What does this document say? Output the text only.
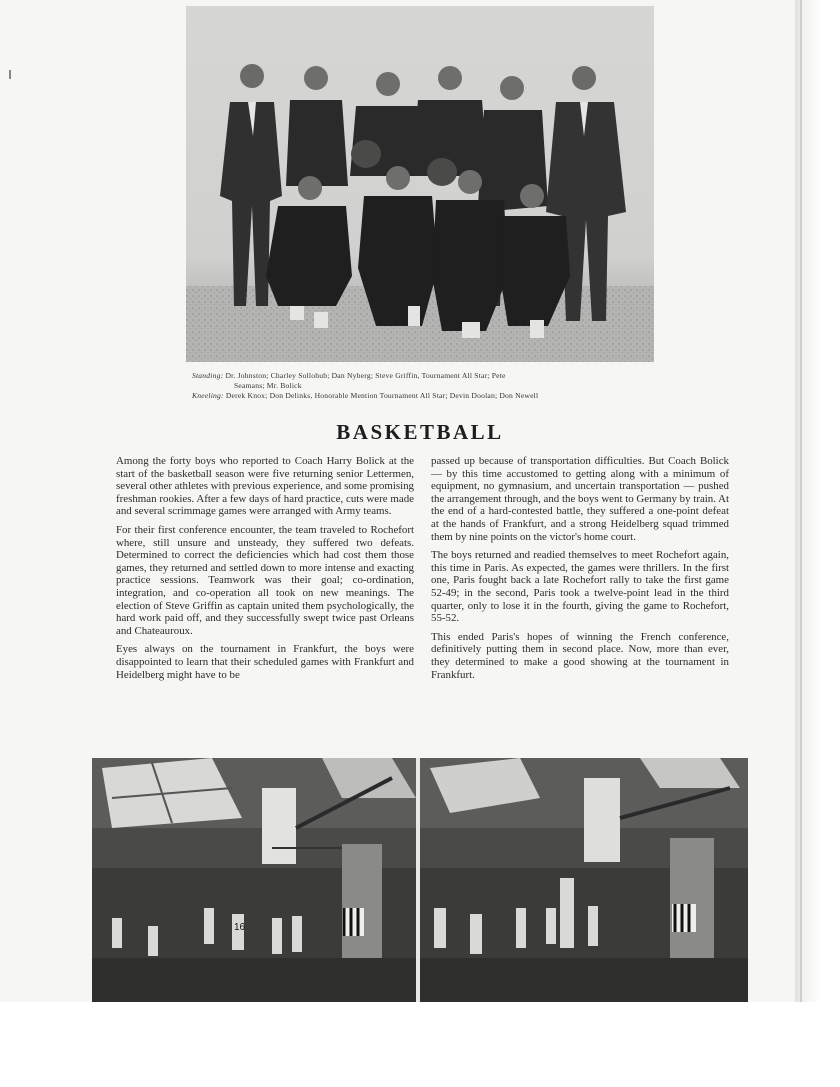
Standing: Dr. Johnston; Charley Sollohub; Dan Nyberg; Steve Griffin, Tournament All Star; Pete
Seamans; Mr. Bolick
Kneeling: Derek Knox; Don Delinks, Honorable Mention Tournament All Star; Devin Doolan; Don Newell
BASKETBALL

Among the forty boys who reported to Coach Harry Bolick at the start of the basketball season were five returning senior Lettermen, several other athletes with previous experience, and some promising freshman rookies. After a few days of hard practice, cuts were made and several scrimmage games were arranged with Army teams.

For their first conference encounter, the team traveled to Rochefort where, still unsure and unsteady, they suffered two defeats. Determined to correct the deficiencies which had cost them those games, they returned and settled down to more intense and exacting practice sessions. Teamwork was their goal; co-ordination, integration, and co-operation all took on new meanings. The election of Steve Griffin as captain united them psychologically, the hard work paid off, and they successfully swept twice past Orleans and Chateauroux.

Eyes always on the tournament in Frankfurt, the boys were disappointed to learn that their scheduled games with Frankfurt and Heidelberg might have to be

passed up because of transportation difficulties. But Coach Bolick — by this time accustomed to getting along with a minimum of equipment, no gymnasium, and uncertain transportation — pushed the arrangement through, and the boys went to Germany by train. At the end of a hard-contested battle, they suffered a one-point defeat at the hands of Frankfurt, and a strong Heidelberg squad trimmed them by nine points on the victor's home court.

The boys returned and readied themselves to meet Rochefort again, this time in Paris. As expected, the games were thrillers. In the first one, Paris fought back a late Rochefort rally to take the first game 52-49; in the second, Paris took a twelve-point lead in the third quarter, only to lose it in the fourth, giving the game to Rochefort, 55-52.

This ended Paris's hopes of winning the French conference, definitively putting them in second place. Now, more than ever, they determined to make a good showing at the tournament in Frankfurt.

16
